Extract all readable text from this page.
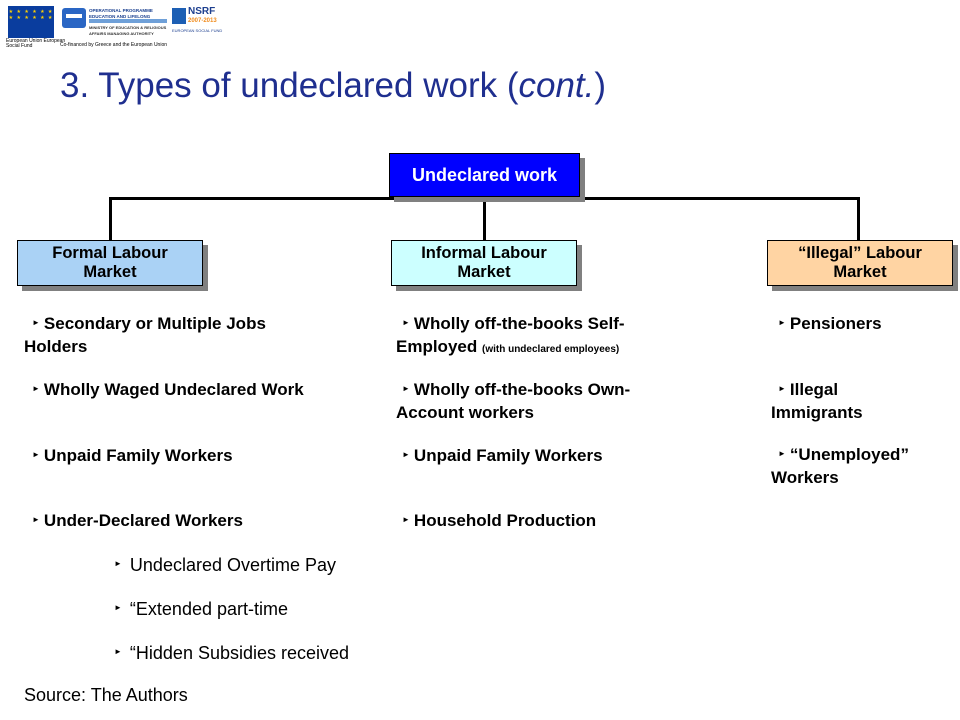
★ ★ ★ ★ ★ ★ ★ ★ ★ ★ ★ ★
European Union European Social Fund
OPERATIONAL PROGRAMME EDUCATION AND LIFELONG
MINISTRY OF EDUCATION & RELIGIOUS AFFAIRS MANAGING AUTHORITY
Co-financed by Greece and the European Union
NSRF
2007-2013
EUROPEAN SOCIAL FUND
3. Types of undeclared work (cont.)
Undeclared work
Formal Labour
Market
Informal Labour
Market
“Illegal” Labour
Market
► Secondary or Multiple Jobs
Holders
► Wholly Waged Undeclared Work
► Unpaid Family Workers
► Under-Declared Workers
► Undeclared Overtime Pay
► “Extended part-time
► “Hidden Subsidies received
► Wholly off-the-books Self-
Employed (with undeclared employees)
► Wholly off-the-books Own-
Account workers
► Unpaid Family Workers
► Household Production
► Pensioners
► Illegal
Immigrants
► “Unemployed”
Workers
Source: The Authors
